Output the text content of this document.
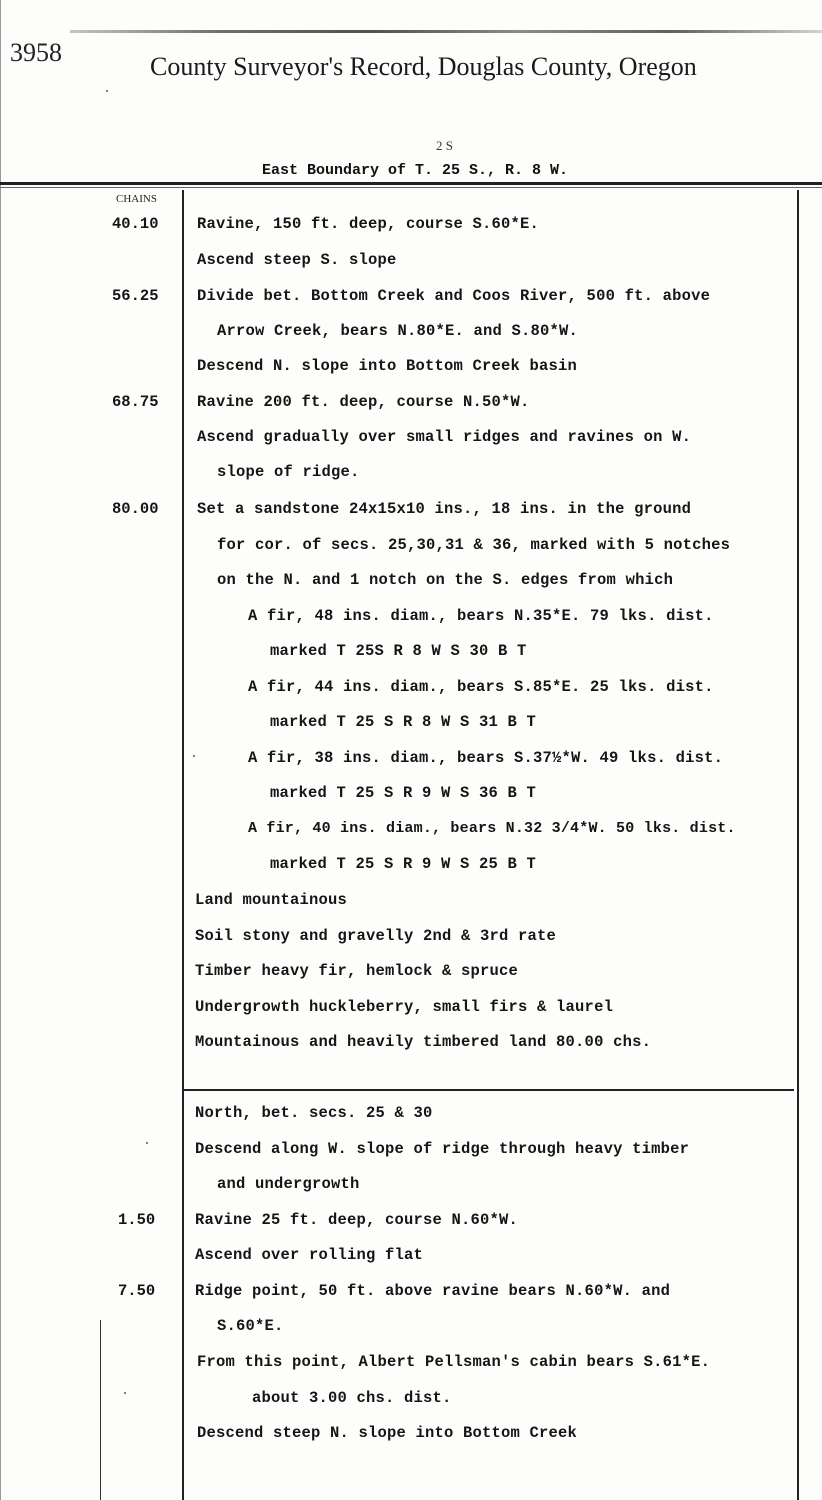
3958	County Surveyor's Record, Douglas County, Oregon
2 S
East Boundary of T. 25 S., R. 8 W.
CHAINS
40.10 Ravine, 150 ft. deep, course S.60*E.
Ascend steep S. slope
56.25 Divide bet. Bottom Creek and Coos River, 500 ft. above
Arrow Creek, bears N.80*E. and S.80*W.
Descend N. slope into Bottom Creek basin
68.75 Ravine 200 ft. deep, course N.50*W.
Ascend gradually over small ridges and ravines on W.
slope of ridge.
80.00 Set a sandstone 24x15x10 ins., 18 ins. in the ground
for cor. of secs. 25,30,31 & 36, marked with 5 notches
on the N. and 1 notch on the S. edges from which
A fir, 48 ins. diam., bears N.35*E. 79 lks. dist.
marked T 25S R 8 W S 30 B T
A fir, 44 ins. diam., bears S.85*E. 25 lks. dist.
marked T 25 S R 8 W S 31 B T
A fir, 38 ins. diam., bears S.37½*W. 49 lks. dist.
marked T 25 S R 9 W S 36 B T
A fir, 40 ins. diam., bears N.32 3/4*W. 50 lks. dist.
marked T 25 S R 9 W S 25 B T
Land mountainous
Soil stony and gravelly 2nd & 3rd rate
Timber heavy fir, hemlock & spruce
Undergrowth huckleberry, small firs & laurel
Mountainous and heavily timbered land 80.00 chs.
North, bet. secs. 25 & 30
Descend along W. slope of ridge through heavy timber
and undergrowth
1.50	Ravine 25 ft. deep, course N.60*W.
Ascend over rolling flat
7.50	Ridge point, 50 ft. above ravine bears N.60*W. and
S.60*E.
From this point, Albert Pellsman's cabin bears S.61*E.
about 3.00 chs. dist.
Descend steep N. slope into Bottom Creek
